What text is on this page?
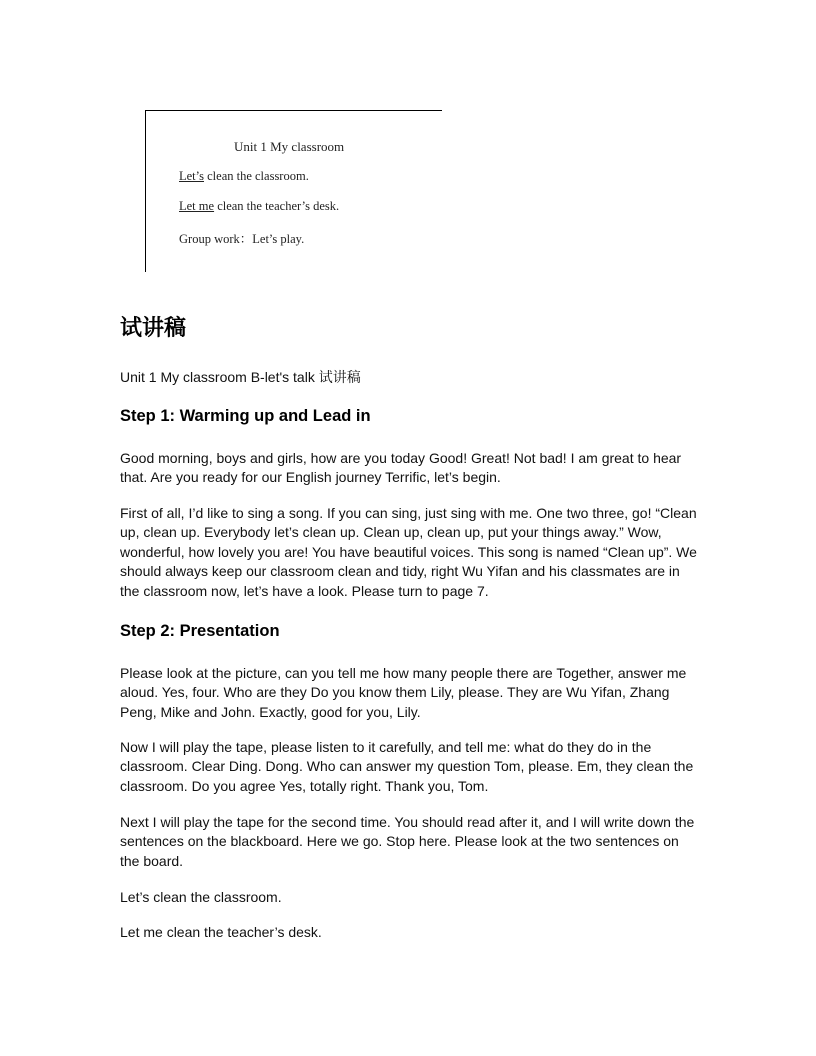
Unit 1 My classroom
Let’s clean the classroom.
Let me clean the teacher’s desk.
Group work：Let’s play.
试讲稿
Unit 1 My classroom B-let's talk 试讲稿
Step 1: Warming up and Lead in
Good morning, boys and girls, how are you today Good! Great! Not bad! I am great to hear that. Are you ready for our English journey Terrific, let’s begin.
First of all, I’d like to sing a song. If you can sing, just sing with me. One two three, go! “Clean up, clean up. Everybody let’s clean up. Clean up, clean up, put your things away.” Wow, wonderful, how lovely you are! You have beautiful voices. This song is named “Clean up”. We should always keep our classroom clean and tidy, right Wu Yifan and his classmates are in the classroom now, let’s have a look. Please turn to page 7.
Step 2: Presentation
Please look at the picture, can you tell me how many people there are Together, answer me aloud. Yes, four. Who are they Do you know them Lily, please. They are Wu Yifan, Zhang Peng, Mike and John. Exactly, good for you, Lily.
Now I will play the tape, please listen to it carefully, and tell me: what do they do in the classroom. Clear Ding. Dong. Who can answer my question Tom, please. Em, they clean the classroom. Do you agree Yes, totally right. Thank you, Tom.
Next I will play the tape for the second time. You should read after it, and I will write down the sentences on the blackboard. Here we go. Stop here. Please look at the two sentences on the board.
Let’s clean the classroom.
Let me clean the teacher’s desk.
